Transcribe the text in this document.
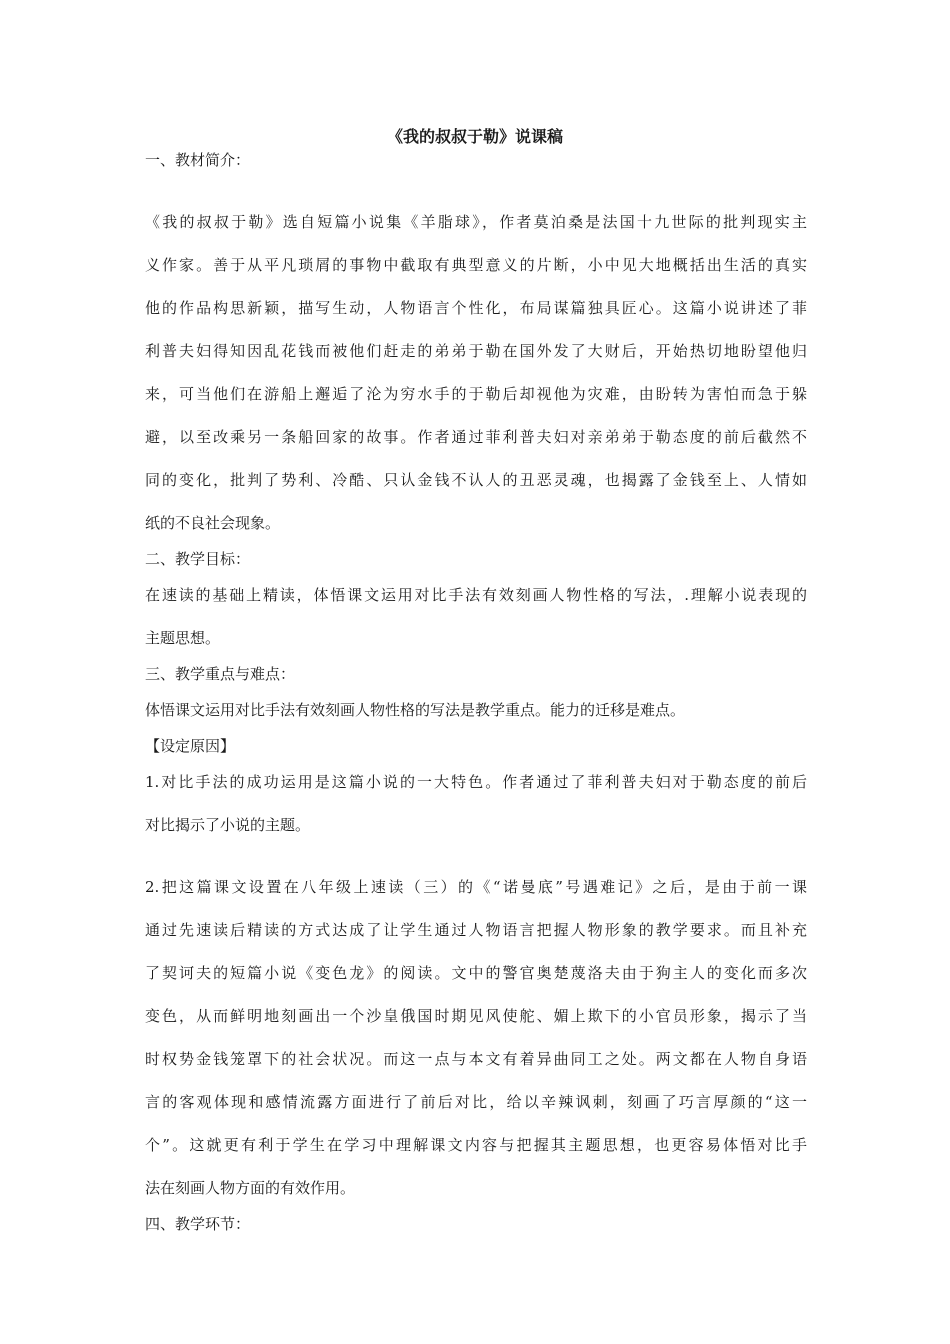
《我的叔叔于勒》说课稿
一、教材简介：
《我的叔叔于勒》选自短篇小说集《羊脂球》，作者莫泊桑是法国十九世际的批判现实主
义作家。善于从平凡琐屑的事物中截取有典型意义的片断，小中见大地概括出生活的真实
他的作品构思新颖，描写生动，人物语言个性化，布局谋篇独具匠心。这篇小说讲述了菲
利普夫妇得知因乱花钱而被他们赶走的弟弟于勒在国外发了大财后，开始热切地盼望他归
来，可当他们在游船上邂逅了沦为穷水手的于勒后却视他为灾难，由盼转为害怕而急于躲
避，以至改乘另一条船回家的故事。作者通过菲利普夫妇对亲弟弟于勒态度的前后截然不
同的变化，批判了势利、冷酷、只认金钱不认人的丑恶灵魂，也揭露了金钱至上、人情如
纸的不良社会现象。
二、教学目标：
在速读的基础上精读，体悟课文运用对比手法有效刻画人物性格的写法，.理解小说表现的
主题思想。
三、教学重点与难点：
体悟课文运用对比手法有效刻画人物性格的写法是教学重点。能力的迁移是难点。
【设定原因】
1.对比手法的成功运用是这篇小说的一大特色。作者通过了菲利普夫妇对于勒态度的前后
对比揭示了小说的主题。
2.把这篇课文设置在八年级上速读（三）的《“诺曼底”号遇难记》之后，是由于前一课
通过先速读后精读的方式达成了让学生通过人物语言把握人物形象的教学要求。而且补充
了契诃夫的短篇小说《变色龙》的阅读。文中的警官奥楚蔑洛夫由于狗主人的变化而多次
变色，从而鲜明地刻画出一个沙皇俄国时期见风使舵、媚上欺下的小官员形象，揭示了当
时权势金钱笼罩下的社会状况。而这一点与本文有着异曲同工之处。两文都在人物自身语
言的客观体现和感情流露方面进行了前后对比，给以辛辣讽刺，刻画了巧言厚颜的“这一
个”。这就更有利于学生在学习中理解课文内容与把握其主题思想，也更容易体悟对比手
法在刻画人物方面的有效作用。
四、教学环节：
